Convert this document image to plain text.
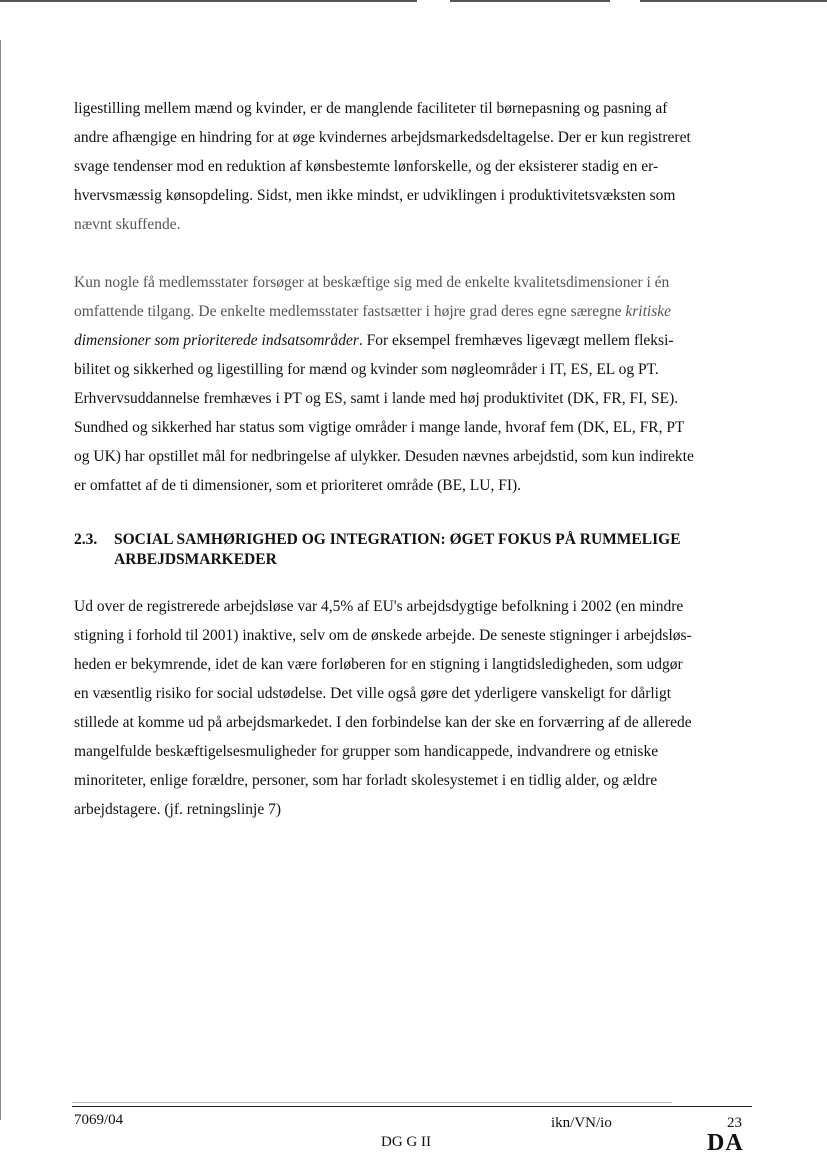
ligestilling mellem mænd og kvinder, er de manglende faciliteter til børnepasning og pasning af
andre afhængige en hindring for at øge kvindernes arbejdsmarkedsdeltagelse. Der er kun registreret
svage tendenser mod en reduktion af kønsbestemte lønforskelle, og der eksisterer stadig en er-
hvervsmæssig kønsopdeling. Sidst, men ikke mindst, er udviklingen i produktivitetsvæksten som
nævnt skuffende.

Kun nogle få medlemsstater forsøger at beskæftige sig med de enkelte kvalitetsdimensioner i én
omfattende tilgang. De enkelte medlemsstater fastsætter i højre grad deres egne særegne kritiske
dimensioner som prioriterede indsatsområder. For eksempel fremhæves ligevægt mellem fleksi-
bilitet og sikkerhed og ligestilling for mænd og kvinder som nøgleområder i IT, ES, EL og PT.
Erhvervsuddannelse fremhæves i PT og ES, samt i lande med høj produktivitet (DK, FR, FI, SE).
Sundhed og sikkerhed har status som vigtige områder i mange lande, hvoraf fem (DK, EL, FR, PT
og UK) har opstillet mål for nedbringelse af ulykker. Desuden nævnes arbejdstid, som kun indirekte
er omfattet af de ti dimensioner, som et prioriteret område (BE, LU, FI).

2.3. SOCIAL SAMHØRIGHED OG INTEGRATION: ØGET FOKUS PÅ RUMMELIGE
ARBEJDSMARKEDER

Ud over de registrerede arbejdsløse var 4,5% af EU's arbejdsdygtige befolkning i 2002 (en mindre
stigning i forhold til 2001) inaktive, selv om de ønskede arbejde. De seneste stigninger i arbejdsløs-
heden er bekymrende, idet de kan være forløberen for en stigning i langtidsledigheden, som udgør
en væsentlig risiko for social udstødelse. Det ville også gøre det yderligere vanskeligt for dårligt
stillede at komme ud på arbejdsmarkedet. I den forbindelse kan der ske en forværring af de allerede
mangelfulde beskæftigelsesmuligheder for grupper som handicappede, indvandrere og etniske
minoriteter, enlige forældre, personer, som har forladt skolesystemet i en tidlig alder, og ældre
arbejdstagere. (jf. retningslinje 7)

7069/04	ikn/VN/io	23
DG G II	DA
